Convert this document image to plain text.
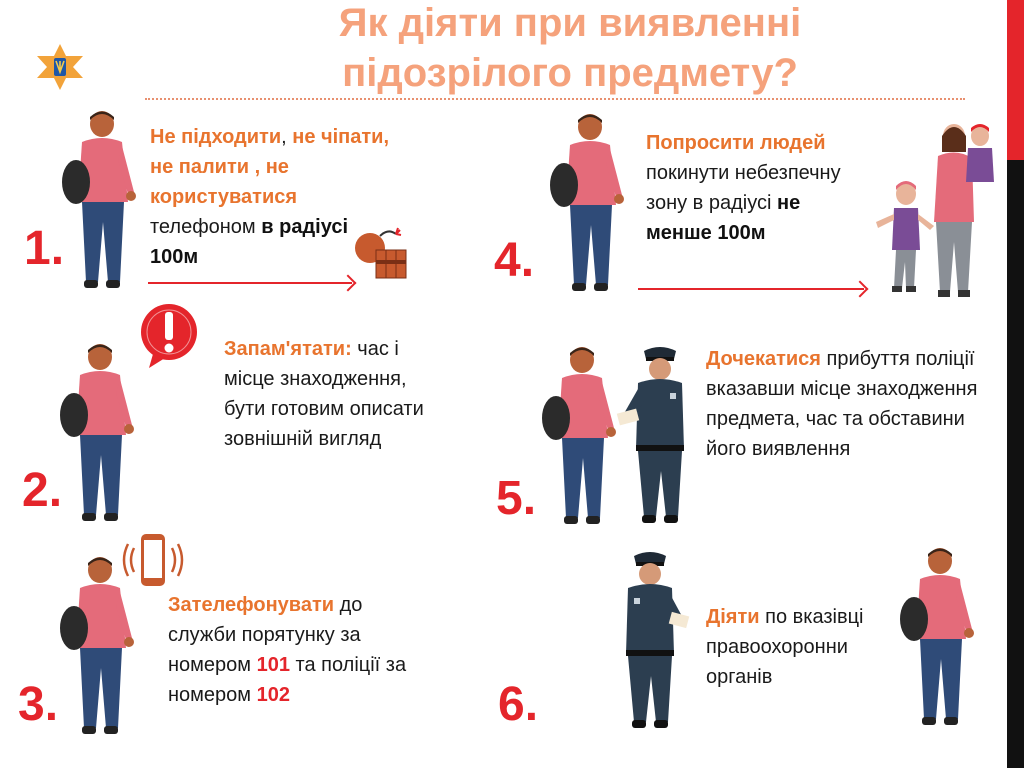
Як діяти при виявленні
підозрілого предмету?
1.
Не підходити, не чіпати, не палити , не користуватися телефоном в радіусі 100м
2.
Запам'ятати: час і місце знаходження, бути готовим описати зовнішній вигляд
3.
Зателефонувати до служби порятунку за номером 101 та поліції за номером 102
4.
Попросити людей покинути небезпечну зону в радіусі не менше 100м
5.
Дочекатися прибуття поліції вказавши місце знаходження предмета, час та обставини його виявлення
6.
Діяти по вказівці правоохоронни органів
